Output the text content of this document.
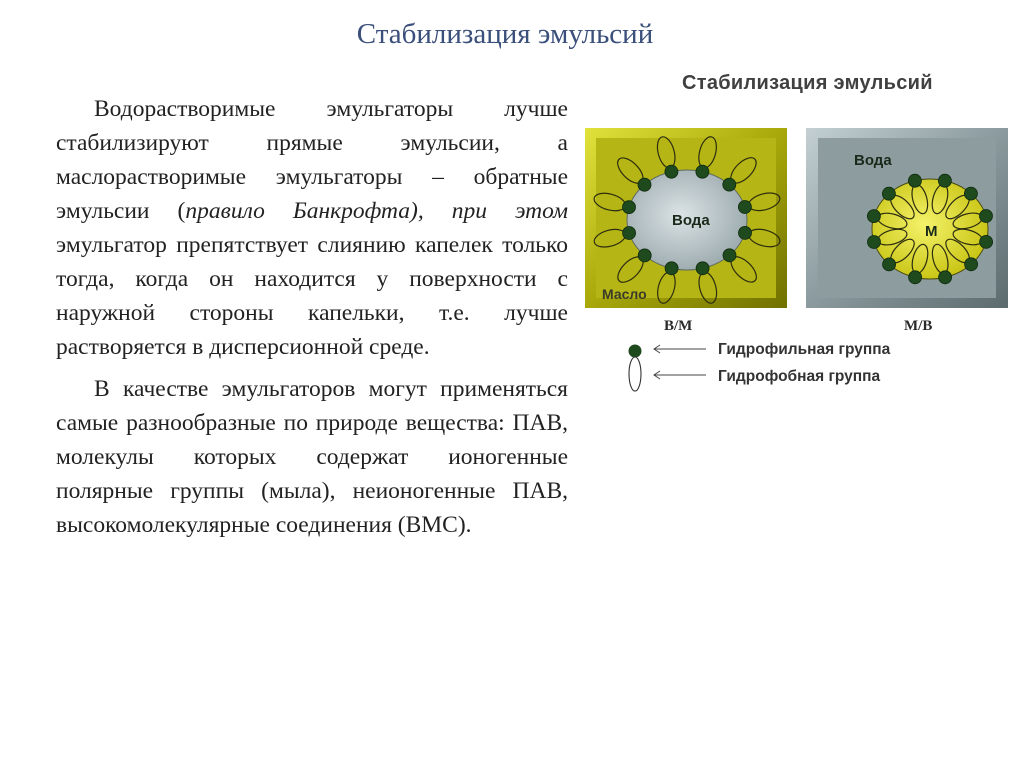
Стабилизация эмульсий

Водорастворимые эмульгаторы лучше стабилизируют прямые эмульсии, а маслорастворимые эмульгаторы – обратные эмульсии (правило Банкрофта), при этом эмульгатор препятствует слиянию капелек только тогда, когда он находится у поверхности с наружной стороны капельки, т.е. лучше растворяется в дисперсионной среде.

В качестве эмульгаторов могут применяться самые разнообразные по природе вещества: ПАВ, молекулы которых содержат ионогенные полярные группы (мыла), неионогенные ПАВ, высокомолекулярные соединения (ВМС).

Стабилизация эмульсий
Вода
Масло
В/М
Вода
М
М/В
Гидрофильная группа
Гидрофобная группа
